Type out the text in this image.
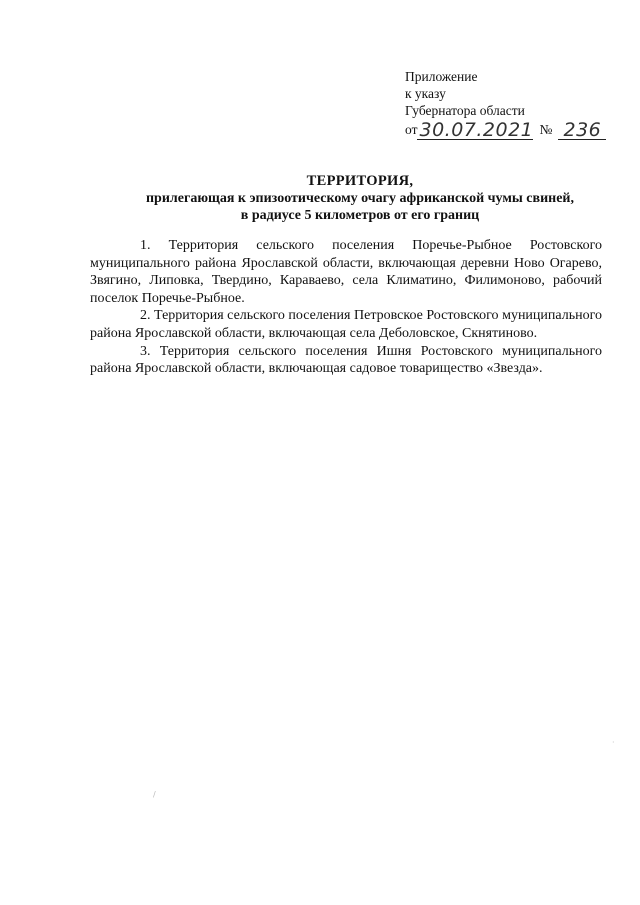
Приложение
к указу
Губернатора области
от 30.07.2021 № 236
ТЕРРИТОРИЯ,
прилегающая к эпизоотическому очагу африканской чумы свиней,
в радиусе 5 километров от его границ

1. Территория сельского поселения Поречье-Рыбное Ростовского муниципального района Ярославской области, включающая деревни Ново Огарево, Звягино, Липовка, Твердино, Караваево, села Климатино, Филимоново, рабочий поселок Поречье-Рыбное.

2. Территория сельского поселения Петровское Ростовского муниципального района Ярославской области, включающая села Деболовское, Скнятиново.

3. Территория сельского поселения Ишня Ростовского муниципального района Ярославской области, включающая садовое товарищество «Звезда».

·
/
